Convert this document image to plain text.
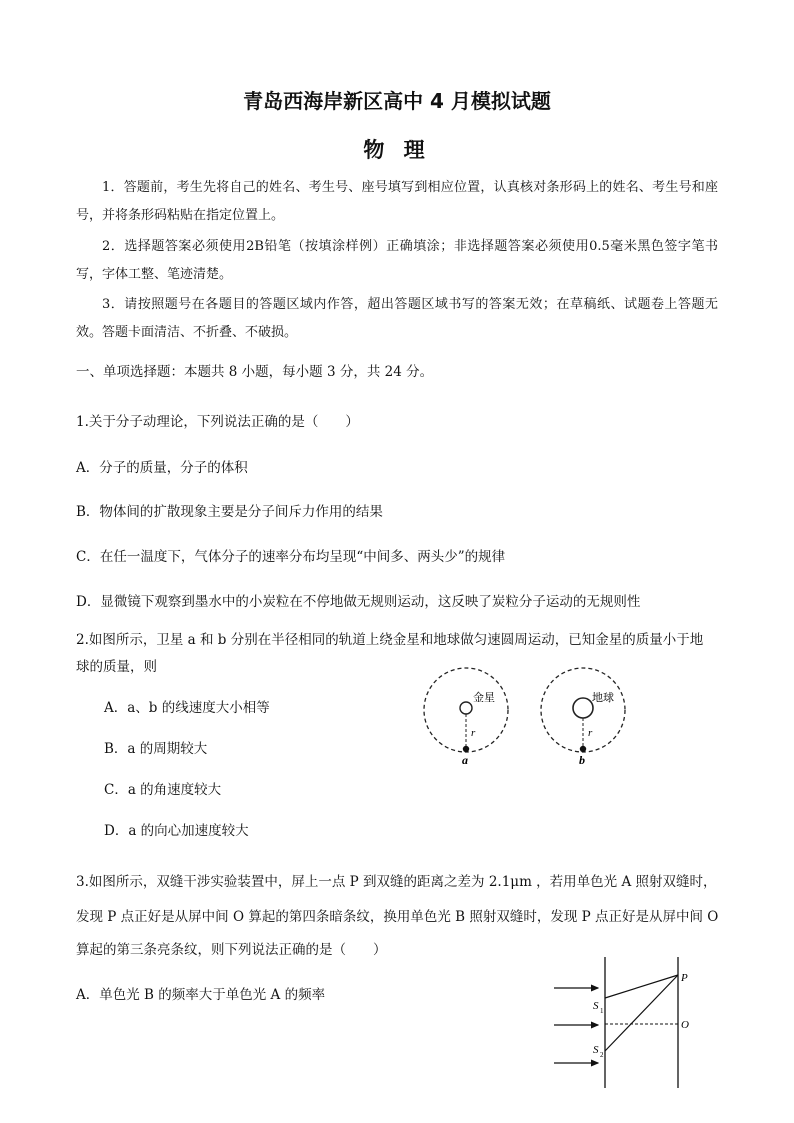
青岛西海岸新区高中 4 月模拟试题
物 理
1．答题前，考生先将自己的姓名、考生号、座号填写到相应位置，认真核对条形码上的姓名、考生号和座号，并将条形码粘贴在指定位置上。
2．选择题答案必须使用2B铅笔（按填涂样例）正确填涂；非选择题答案必须使用0.5毫米黑色签字笔书写，字体工整、笔迹清楚。
3．请按照题号在各题目的答题区域内作答，超出答题区域书写的答案无效；在草稿纸、试题卷上答题无效。答题卡面清洁、不折叠、不破损。
一、单项选择题：本题共 8 小题，每小题 3 分，共 24 分。
1.关于分子动理论，下列说法正确的是（　　）
A．分子的质量，分子的体积
B．物体间的扩散现象主要是分子间斥力作用的结果
C．在任一温度下，气体分子的速率分布均呈现“中间多、两头少”的规律
D．显微镜下观察到墨水中的小炭粒在不停地做无规则运动，这反映了炭粒分子运动的无规则性
2.如图所示，卫星 a 和 b 分别在半径相同的轨道上绕金星和地球做匀速圆周运动，已知金星的质量小于地
球的质量，则
A．a、b 的线速度大小相等
B．a 的周期较大
C．a 的角速度较大
D．a 的向心加速度较大
金星
r
a
地球
r
b
3.如图所示，双缝干涉实验装置中，屏上一点 P 到双缝的距离之差为 2.1μm ，若用单色光 A 照射双缝时，
发现 P 点正好是从屏中间 O 算起的第四条暗条纹，换用单色光 B 照射双缝时，发现 P 点正好是从屏中间 O
算起的第三条亮条纹，则下列说法正确的是（　　）
A．单色光 B 的频率大于单色光 A 的频率
P
O
S 1
S 2
